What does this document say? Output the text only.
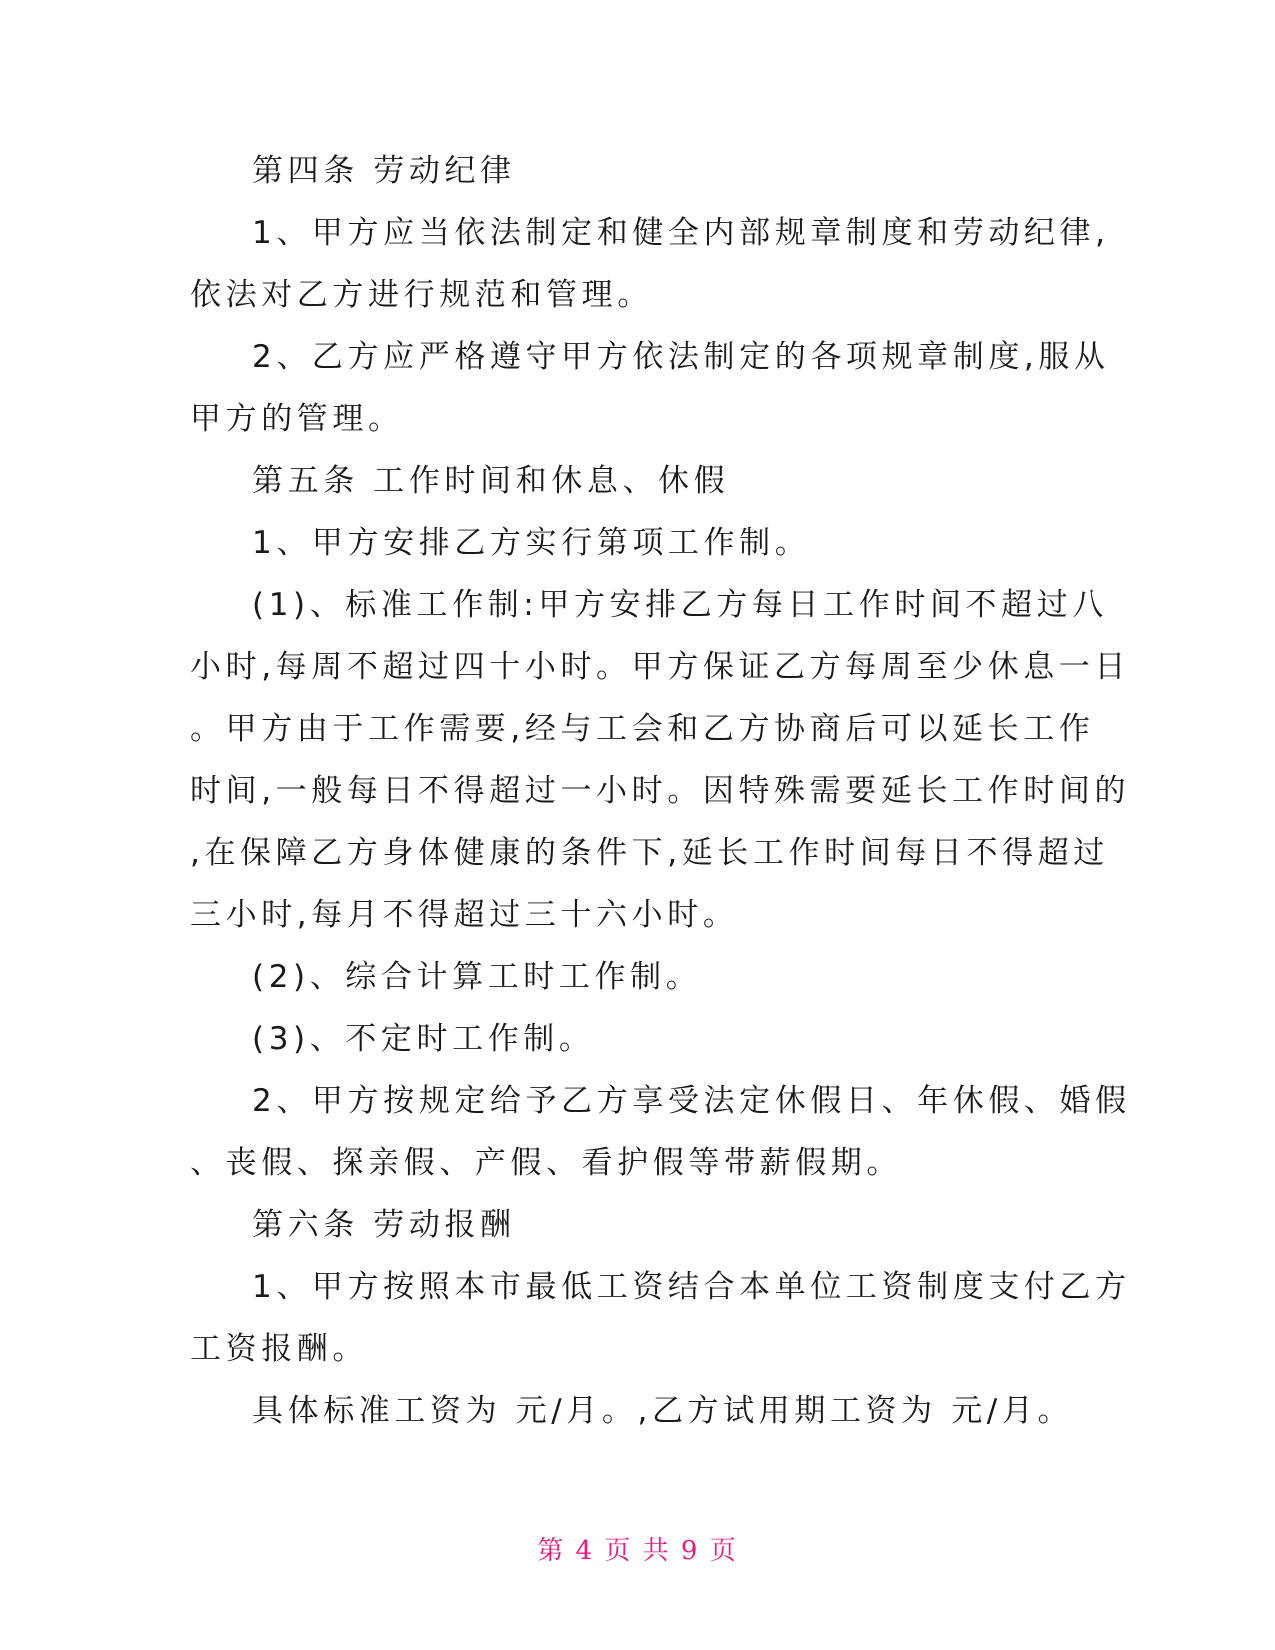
第四条 劳动纪律
1、甲方应当依法制定和健全内部规章制度和劳动纪律,
依法对乙方进行规范和管理。
2、乙方应严格遵守甲方依法制定的各项规章制度,服从
甲方的管理。
第五条 工作时间和休息、休假
1、甲方安排乙方实行第项工作制。
(1)、标准工作制:甲方安排乙方每日工作时间不超过八
小时,每周不超过四十小时。甲方保证乙方每周至少休息一日
。甲方由于工作需要,经与工会和乙方协商后可以延长工作
时间,一般每日不得超过一小时。因特殊需要延长工作时间的
,在保障乙方身体健康的条件下,延长工作时间每日不得超过
三小时,每月不得超过三十六小时。
(2)、综合计算工时工作制。
(3)、不定时工作制。
2、甲方按规定给予乙方享受法定休假日、年休假、婚假
、丧假、探亲假、产假、看护假等带薪假期。
第六条 劳动报酬
1、甲方按照本市最低工资结合本单位工资制度支付乙方
工资报酬。
具体标准工资为 元/月。,乙方试用期工资为 元/月。
第 4 页 共 9 页
